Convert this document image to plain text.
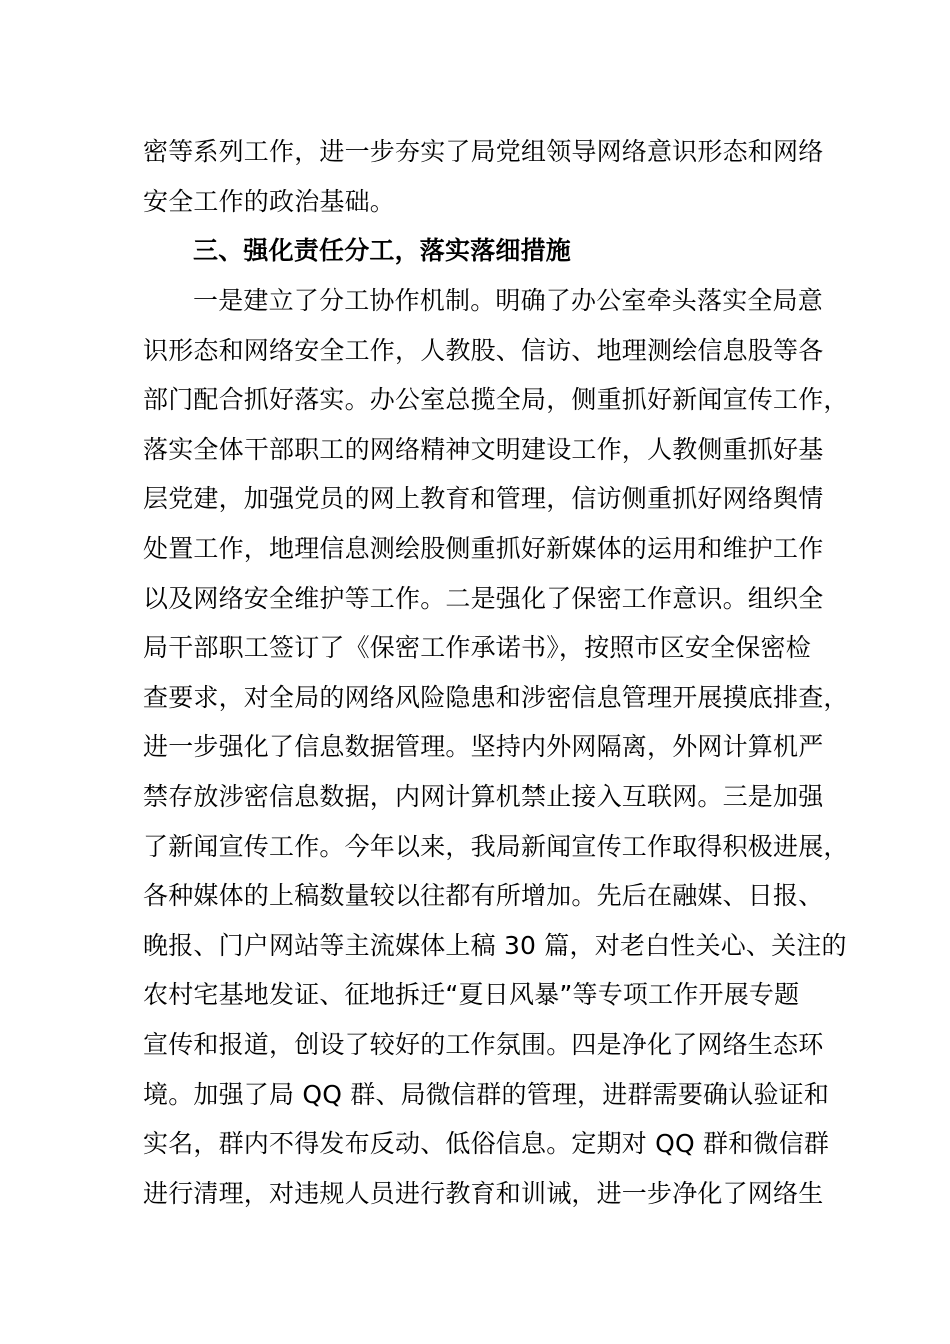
密等系列工作，进一步夯实了局党组领导网络意识形态和网络
安全工作的政治基础。
三、强化责任分工，落实落细措施
一是建立了分工协作机制。明确了办公室牵头落实全局意
识形态和网络安全工作，人教股、信访、地理测绘信息股等各
部门配合抓好落实。办公室总揽全局，侧重抓好新闻宣传工作，
落实全体干部职工的网络精神文明建设工作，人教侧重抓好基
层党建，加强党员的网上教育和管理，信访侧重抓好网络舆情
处置工作，地理信息测绘股侧重抓好新媒体的运用和维护工作
以及网络安全维护等工作。二是强化了保密工作意识。组织全
局干部职工签订了《保密工作承诺书》，按照市区安全保密检
查要求，对全局的网络风险隐患和涉密信息管理开展摸底排查，
进一步强化了信息数据管理。坚持内外网隔离，外网计算机严
禁存放涉密信息数据，内网计算机禁止接入互联网。三是加强
了新闻宣传工作。今年以来，我局新闻宣传工作取得积极进展，
各种媒体的上稿数量较以往都有所增加。先后在融媒、日报、
晚报、门户网站等主流媒体上稿 30 篇，对老白性关心、关注的
农村宅基地发证、征地拆迁“夏日风暴”等专项工作开展专题
宣传和报道，创设了较好的工作氛围。四是净化了网络生态环
境。加强了局 QQ 群、局微信群的管理，进群需要确认验证和
实名，群内不得发布反动、低俗信息。定期对 QQ 群和微信群
进行清理，对违规人员进行教育和训诫，进一步净化了网络生
